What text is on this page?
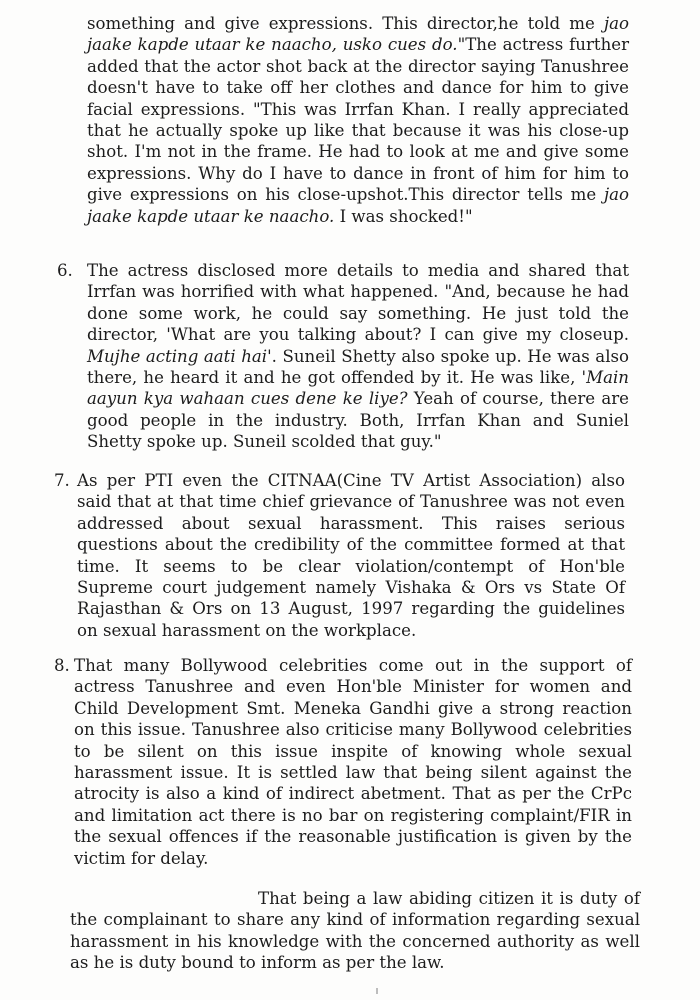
something and give expressions. This director,he told me jao jaake kapde utaar ke naacho, usko cues do."The actress further added that the actor shot back at the director saying Tanushree doesn't have to take off her clothes and dance for him to give facial expressions. "This was Irrfan Khan. I really appreciated that he actually spoke up like that because it was his close-up shot. I'm not in the frame. He had to look at me and give some expressions. Why do I have to dance in front of him for him to give expressions on his close-upshot.This director tells me jao jaake kapde utaar ke naacho. I was shocked!"
6. The actress disclosed more details to media and shared that Irrfan was horrified with what happened. "And, because he had done some work, he could say something. He just told the director, 'What are you talking about? I can give my closeup. Mujhe acting aati hai'. Suneil Shetty also spoke up. He was also there, he heard it and he got offended by it. He was like, 'Main aayun kya wahaan cues dene ke liye? Yeah of course, there are good people in the industry. Both, Irrfan Khan and Suniel Shetty spoke up. Suneil scolded that guy."
7. As per PTI even the CITNAA(Cine TV Artist Association) also said that at that time chief grievance of Tanushree was not even addressed about sexual harassment. This raises serious questions about the credibility of the committee formed at that time. It seems to be clear violation/contempt of Hon'ble Supreme court judgement namely Vishaka & Ors vs State Of Rajasthan & Ors on 13 August, 1997 regarding the guidelines on sexual harassment on the workplace.
8. That many Bollywood celebrities come out in the support of actress Tanushree and even Hon'ble Minister for women and Child Development Smt. Meneka Gandhi give a strong reaction on this issue. Tanushree also criticise many Bollywood celebrities to be silent on this issue inspite of knowing whole sexual harassment issue. It is settled law that being silent against the atrocity is also a kind of indirect abetment. That as per the CrPc and limitation act there is no bar on registering complaint/FIR in the sexual offences if the reasonable justification is given by the victim for delay.
That being a law abiding citizen it is duty of the complainant to share any kind of information regarding sexual harassment in his knowledge with the concerned authority as well as he is duty bound to inform as per the law.
